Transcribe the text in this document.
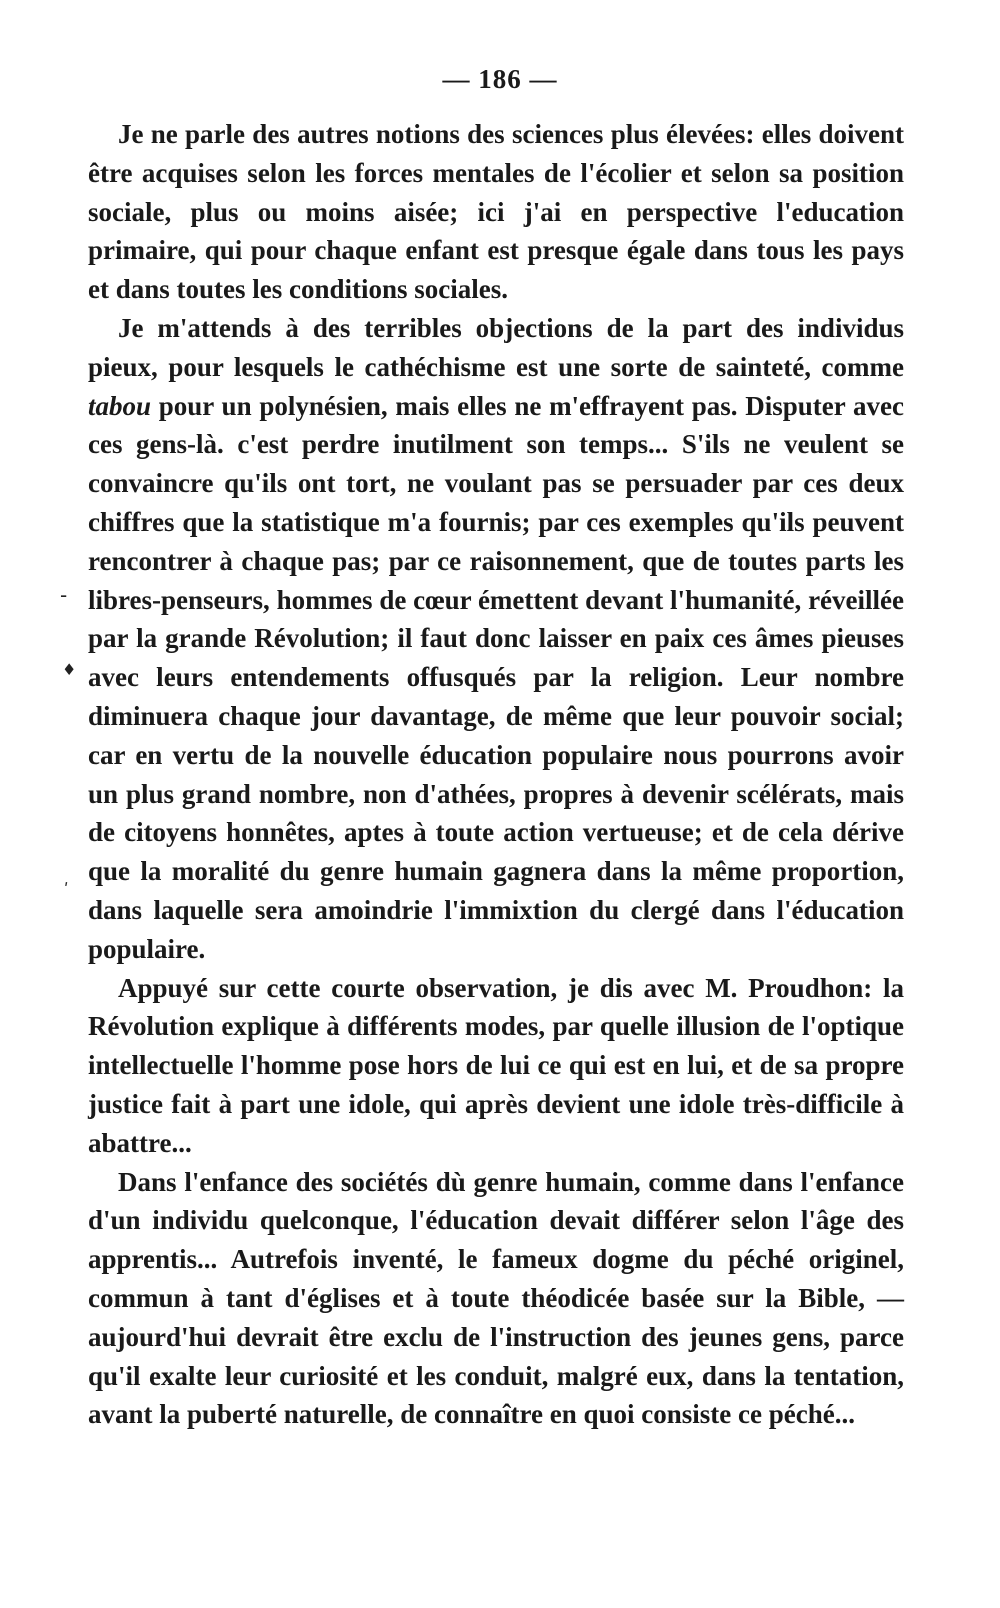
— 186 —
-
♦
ʹ

Je ne parle des autres notions des sciences plus élevées: elles doivent être acquises selon les forces mentales de l'écolier et selon sa position sociale, plus ou moins aisée; ici j'ai en perspective l'education primaire, qui pour chaque enfant est presque égale dans tous les pays et dans toutes les conditions sociales.

Je m'attends à des terribles objections de la part des individus pieux, pour lesquels le cathéchisme est une sorte de sainteté, comme tabou pour un polynésien, mais elles ne m'effrayent pas. Disputer avec ces gens-là. c'est perdre inutilment son temps... S'ils ne veulent se convaincre qu'ils ont tort, ne voulant pas se persuader par ces deux chiffres que la statistique m'a fournis; par ces exemples qu'ils peuvent rencontrer à chaque pas; par ce raisonnement, que de toutes parts les libres-penseurs, hommes de cœur émettent devant l'humanité, réveillée par la grande Révolution; il faut donc laisser en paix ces âmes pieuses avec leurs entendements offusqués par la religion. Leur nombre diminuera chaque jour davantage, de même que leur pouvoir social; car en vertu de la nouvelle éducation populaire nous pourrons avoir un plus grand nombre, non d'athées, propres à devenir scélérats, mais de citoyens honnêtes, aptes à toute action vertueuse; et de cela dérive que la moralité du genre humain gagnera dans la même proportion, dans laquelle sera amoindrie l'immixtion du clergé dans l'éducation populaire.

Appuyé sur cette courte observation, je dis avec M. Proudhon: la Révolution explique à différents modes, par quelle illusion de l'optique intellectuelle l'homme pose hors de lui ce qui est en lui, et de sa propre justice fait à part une idole, qui après devient une idole très-difficile à abattre...

Dans l'enfance des sociétés dù genre humain, comme dans l'enfance d'un individu quelconque, l'éducation devait différer selon l'âge des apprentis... Autrefois inventé, le fameux dogme du péché originel, commun à tant d'églises et à toute théodicée basée sur la Bible, — aujourd'hui devrait être exclu de l'instruction des jeunes gens, parce qu'il exalte leur curiosité et les conduit, malgré eux, dans la tentation, avant la puberté naturelle, de connaître en quoi consiste ce péché...
